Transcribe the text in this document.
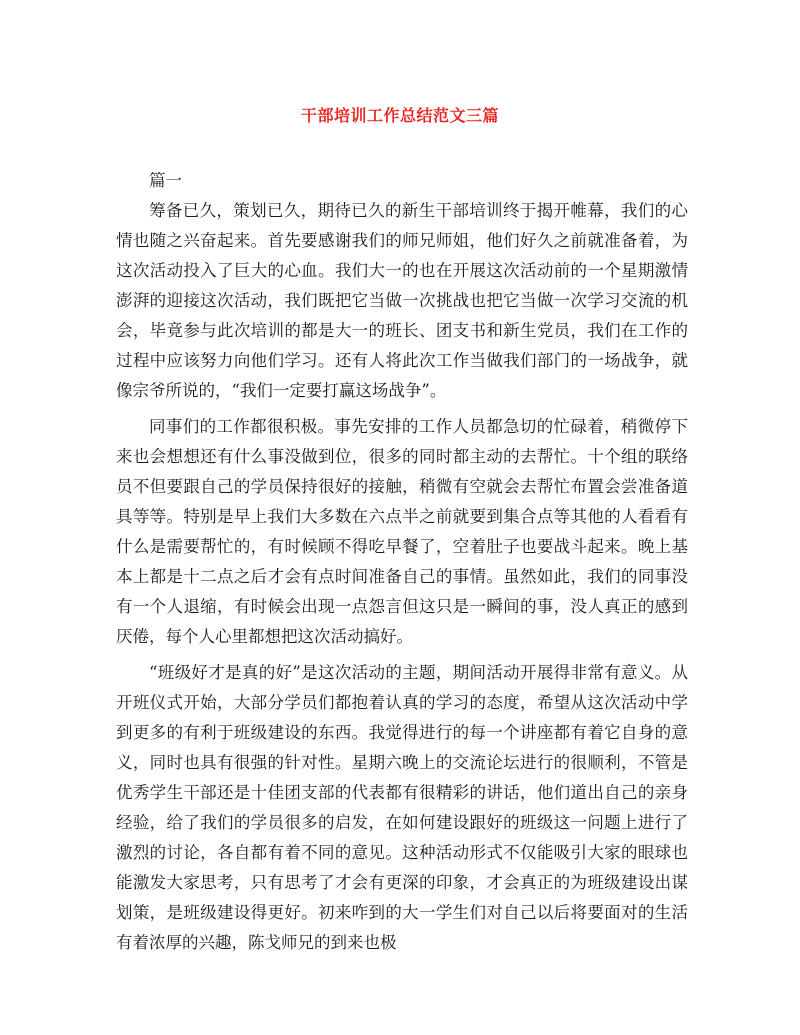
干部培训工作总结范文三篇

篇一

筹备已久，策划已久，期待已久的新生干部培训终于揭开帷幕，我们的心情也随之兴奋起来。首先要感谢我们的师兄师姐，他们好久之前就准备着，为这次活动投入了巨大的心血。我们大一的也在开展这次活动前的一个星期激情澎湃的迎接这次活动，我们既把它当做一次挑战也把它当做一次学习交流的机会，毕竟参与此次培训的都是大一的班长、团支书和新生党员，我们在工作的过程中应该努力向他们学习。还有人将此次工作当做我们部门的一场战争，就像宗爷所说的，“我们一定要打赢这场战争”。

同事们的工作都很积极。事先安排的工作人员都急切的忙碌着，稍微停下来也会想想还有什么事没做到位，很多的同时都主动的去帮忙。十个组的联络员不但要跟自己的学员保持很好的接触，稍微有空就会去帮忙布置会尝准备道具等等。特别是早上我们大多数在六点半之前就要到集合点等其他的人看看有什么是需要帮忙的，有时候顾不得吃早餐了，空着肚子也要战斗起来。晚上基本上都是十二点之后才会有点时间准备自己的事情。虽然如此，我们的同事没有一个人退缩，有时候会出现一点怨言但这只是一瞬间的事，没人真正的感到厌倦，每个人心里都想把这次活动搞好。

“班级好才是真的好”是这次活动的主题，期间活动开展得非常有意义。从开班仪式开始，大部分学员们都抱着认真的学习的态度，希望从这次活动中学到更多的有利于班级建设的东西。我觉得进行的每一个讲座都有着它自身的意义，同时也具有很强的针对性。星期六晚上的交流论坛进行的很顺利，不管是优秀学生干部还是十佳团支部的代表都有很精彩的讲话，他们道出自己的亲身经验，给了我们的学员很多的启发，在如何建设跟好的班级这一问题上进行了激烈的讨论，各自都有着不同的意见。这种活动形式不仅能吸引大家的眼球也能激发大家思考，只有思考了才会有更深的印象，才会真正的为班级建设出谋划策，是班级建设得更好。初来咋到的大一学生们对自己以后将要面对的生活有着浓厚的兴趣，陈戈师兄的到来也极
